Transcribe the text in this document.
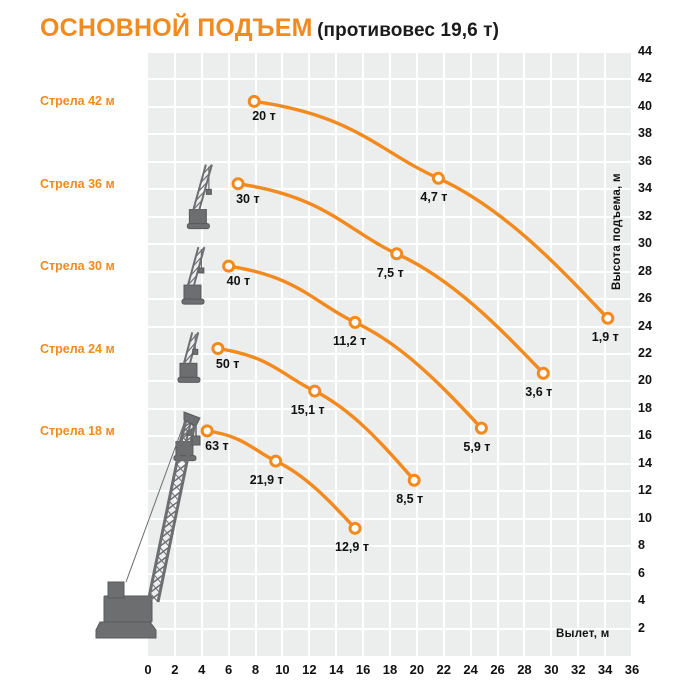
ОСНОВНОЙ ПОДЪЕМ (противовес 19,6 т)
Высота подъема, м
Вылет, м
0	2	4	6	8	10 12 14 16 18 20 22 24 26 28 30 32 34 36
2
4
6
8
10
12
14
16
18
20
22
24
26
28
30
32
34
36
38
40
42
44
Стрела 42 м
Стрела 36 м
Стрела 30 м
Стрела 24 м
Стрела 18 м
20 т
4,7 т
1,9 т
30 т
7,5 т
3,6 т
40 т
11,2 т
5,9 т
50 т
15,1 т
8,5 т
63 т
21,9 т
12,9 т
